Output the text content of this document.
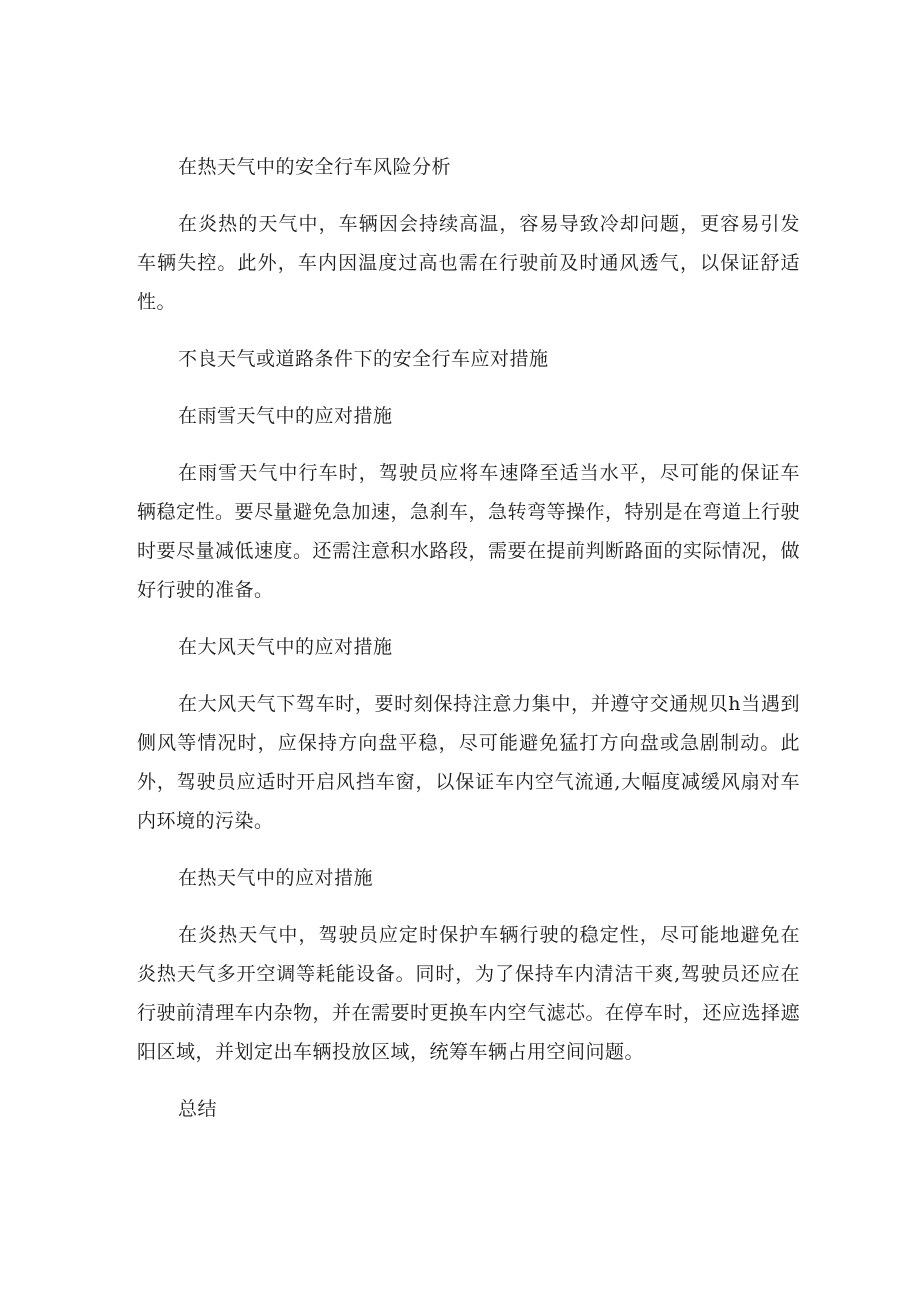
在热天气中的安全行车风险分析

在炎热的天气中，车辆因会持续高温，容易导致冷却问题，更容易引发车辆失控。此外，车内因温度过高也需在行驶前及时通风透气，以保证舒适性。

不良天气或道路条件下的安全行车应对措施

在雨雪天气中的应对措施

在雨雪天气中行车时，驾驶员应将车速降至适当水平，尽可能的保证车辆稳定性。要尽量避免急加速，急刹车，急转弯等操作，特别是在弯道上行驶时要尽量减低速度。还需注意积水路段，需要在提前判断路面的实际情况，做好行驶的准备。

在大风天气中的应对措施

在大风天气下驾车时，要时刻保持注意力集中，并遵守交通规贝h当遇到侧风等情况时，应保持方向盘平稳，尽可能避免猛打方向盘或急剧制动。此外，驾驶员应适时开启风挡车窗，以保证车内空气流通,大幅度减缓风扇对车内环境的污染。

在热天气中的应对措施

在炎热天气中，驾驶员应定时保护车辆行驶的稳定性，尽可能地避免在炎热天气多开空调等耗能设备。同时，为了保持车内清洁干爽,驾驶员还应在行驶前清理车内杂物，并在需要时更换车内空气滤芯。在停车时，还应选择遮阳区域，并划定出车辆投放区域，统筹车辆占用空间问题。

总结
